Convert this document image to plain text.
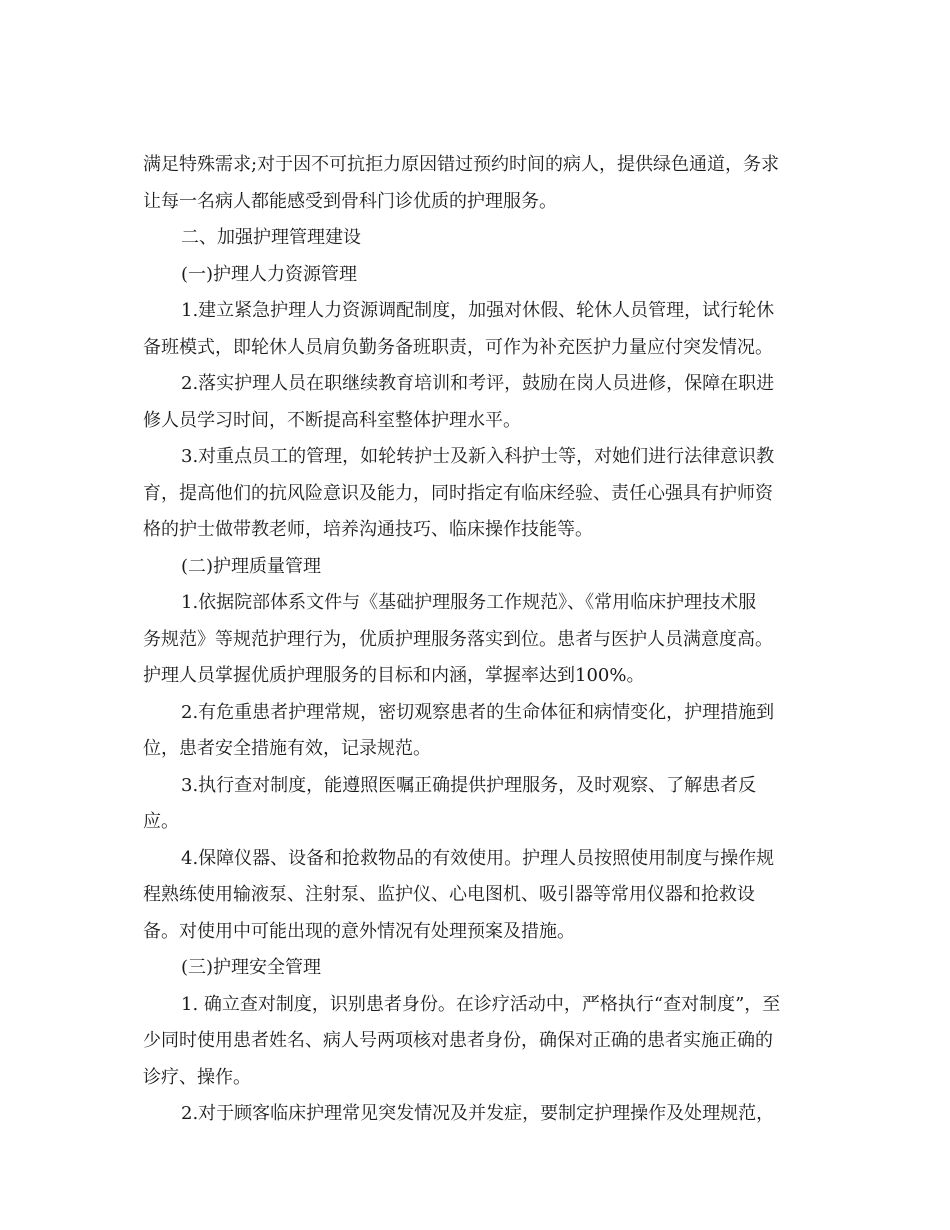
满足特殊需求;对于因不可抗拒力原因错过预约时间的病人，提供绿色通道，务求
让每一名病人都能感受到骨科门诊优质的护理服务。
二、加强护理管理建设
(一)护理人力资源管理
1.建立紧急护理人力资源调配制度，加强对休假、轮休人员管理，试行轮休
备班模式，即轮休人员肩负勤务备班职责，可作为补充医护力量应付突发情况。
2.落实护理人员在职继续教育培训和考评，鼓励在岗人员进修，保障在职进
修人员学习时间，不断提高科室整体护理水平。
3.对重点员工的管理，如轮转护士及新入科护士等，对她们进行法律意识教
育，提高他们的抗风险意识及能力，同时指定有临床经验、责任心强具有护师资
格的护士做带教老师，培养沟通技巧、临床操作技能等。
(二)护理质量管理
1.依据院部体系文件与《基础护理服务工作规范》、《常用临床护理技术服
务规范》等规范护理行为，优质护理服务落实到位。患者与医护人员满意度高。
护理人员掌握优质护理服务的目标和内涵，掌握率达到100%。
2.有危重患者护理常规，密切观察患者的生命体征和病情变化，护理措施到
位，患者安全措施有效，记录规范。
3.执行查对制度，能遵照医嘱正确提供护理服务，及时观察、了解患者反
应。
4.保障仪器、设备和抢救物品的有效使用。护理人员按照使用制度与操作规
程熟练使用输液泵、注射泵、监护仪、心电图机、吸引器等常用仪器和抢救设
备。对使用中可能出现的意外情况有处理预案及措施。
(三)护理安全管理
1. 确立查对制度，识别患者身份。在诊疗活动中，严格执行“查对制度”，至
少同时使用患者姓名、病人号两项核对患者身份，确保对正确的患者实施正确的
诊疗、操作。
2.对于顾客临床护理常见突发情况及并发症，要制定护理操作及处理规范，
